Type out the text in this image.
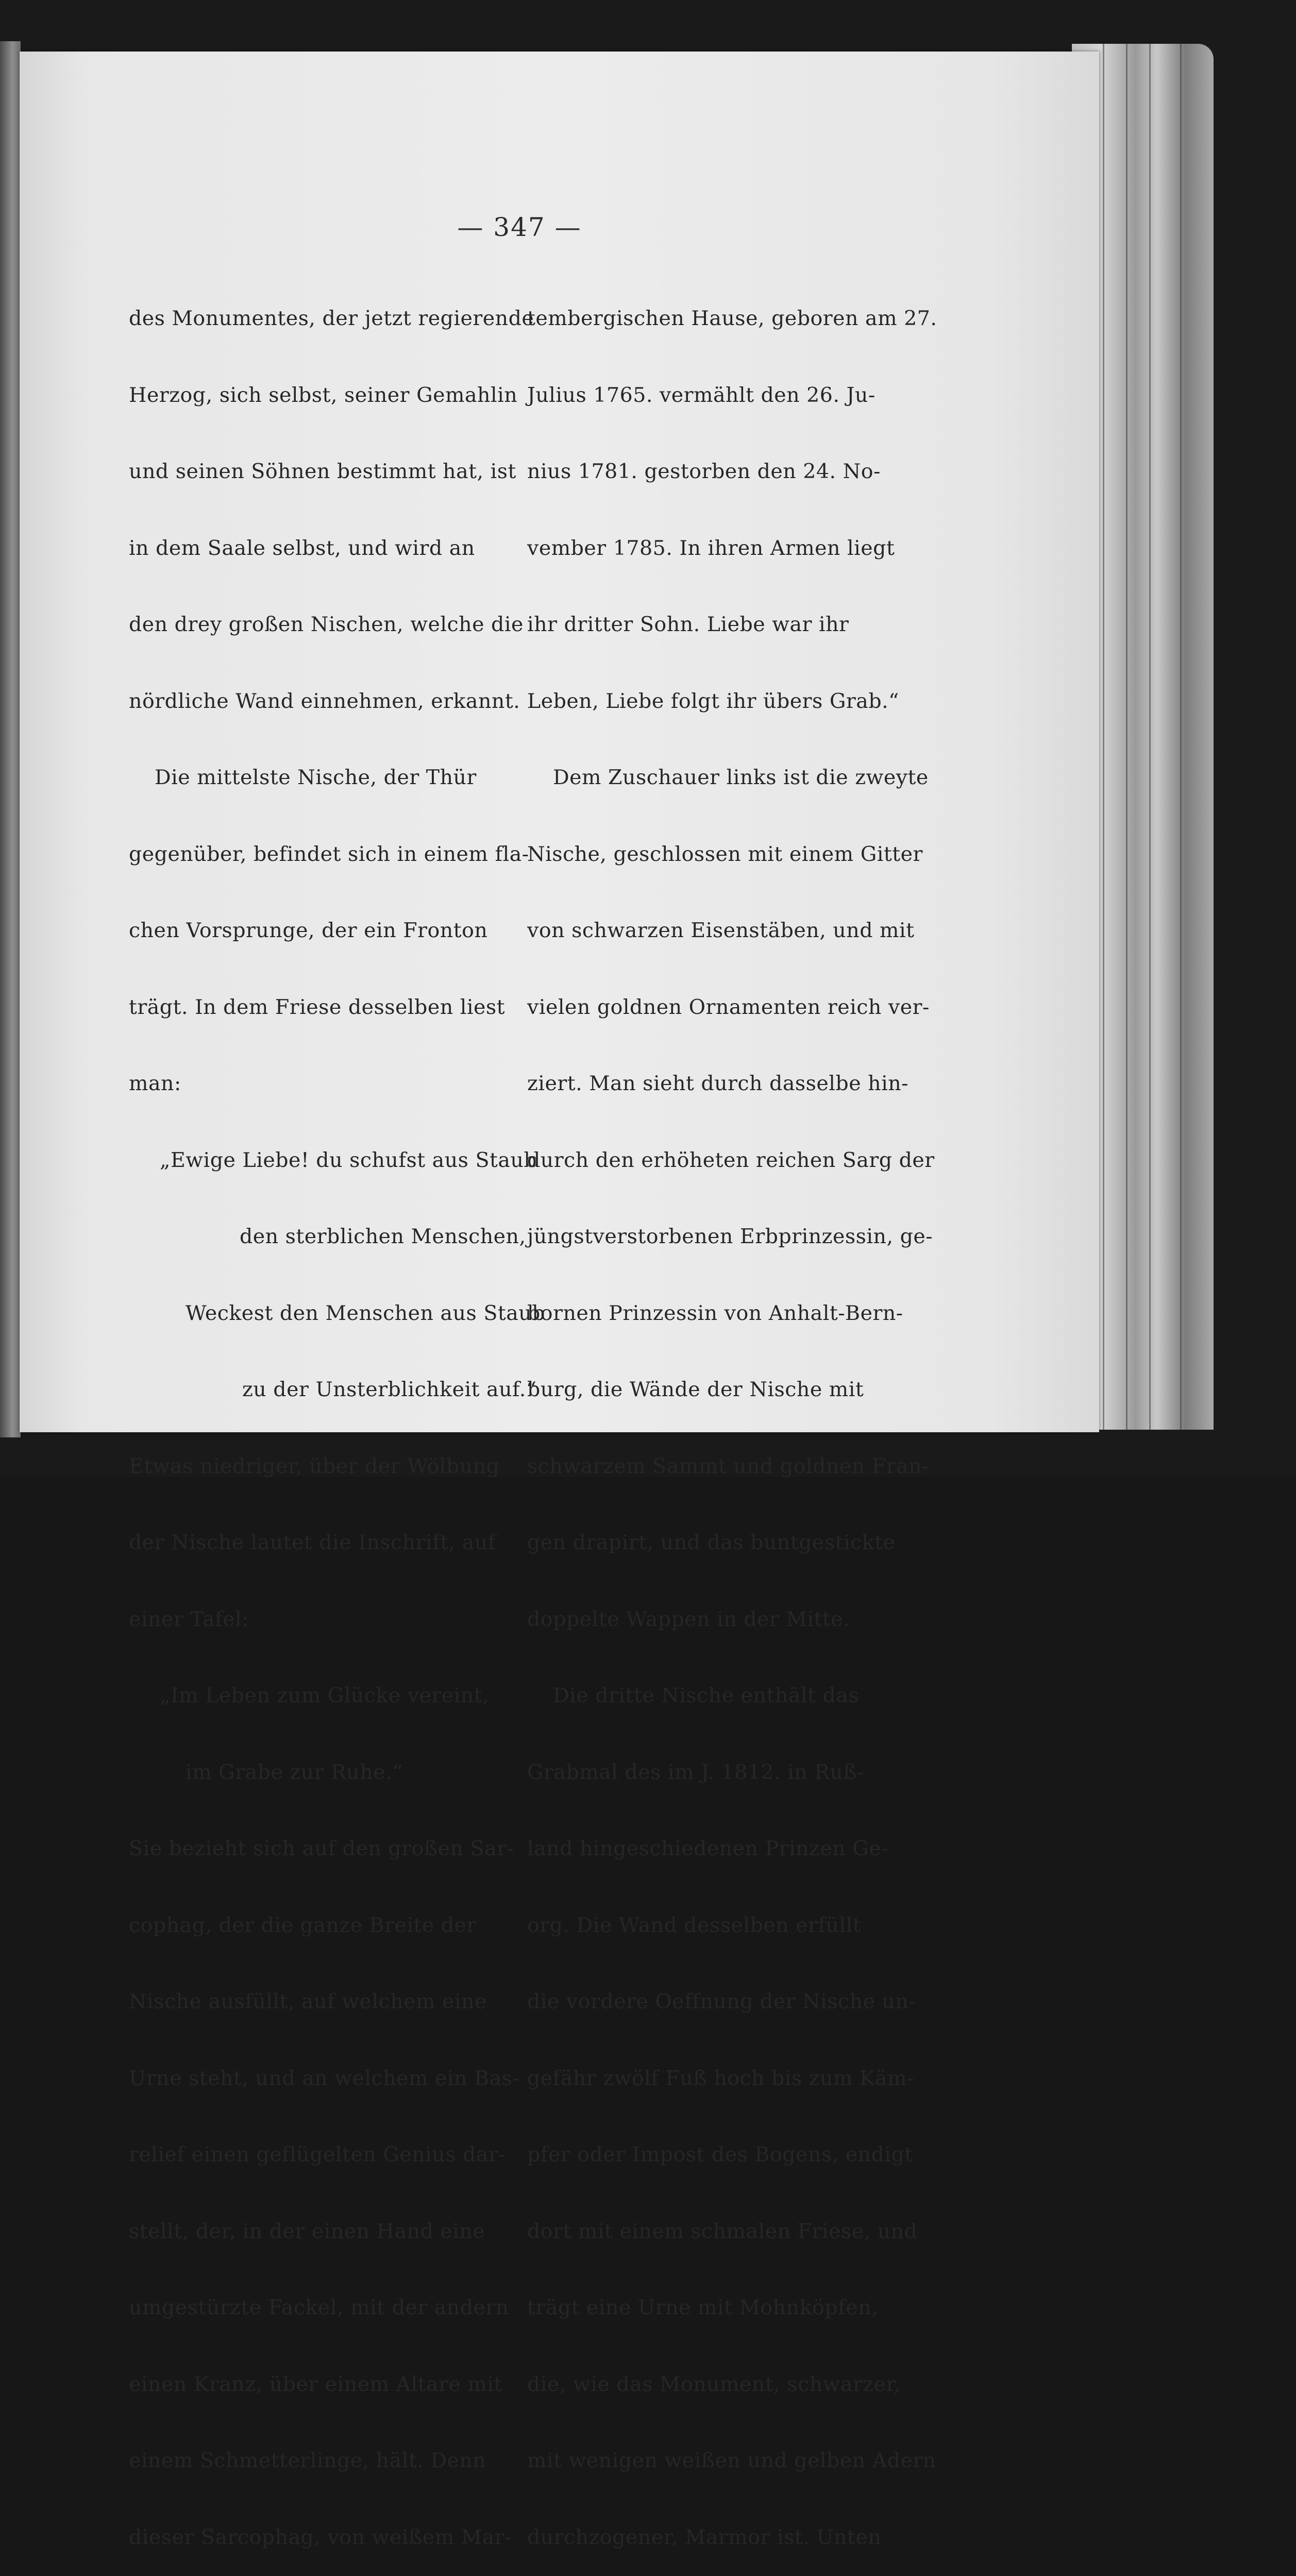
— 347 —

des Monumentes, der jetzt regierende

Herzog, sich selbst, seiner Gemahlin

und seinen Söhnen bestimmt hat, ist

in dem Saale selbst, und wird an

den drey großen Nischen, welche die

nördliche Wand einnehmen, erkannt.

Die mittelste Nische, der Thür

gegenüber, befindet sich in einem fla-

chen Vorsprunge, der ein Fronton

trägt. In dem Friese desselben liest

man:

„Ewige Liebe! du schufst aus Staub

den sterblichen Menschen,

Weckest den Menschen aus Staub

zu der Unsterblichkeit auf.“

Etwas niedriger, über der Wölbung

der Nische lautet die Inschrift, auf

einer Tafel:

„Im Leben zum Glücke vereint,

im Grabe zur Ruhe.“

Sie bezieht sich auf den großen Sar-

cophag, der die ganze Breite der

Nische ausfüllt, auf welchem eine

Urne steht, und an welchem ein Bas-

relief einen geflügelten Genius dar-

stellt, der, in der einen Hand eine

umgestürzte Fackel, mit der andern

einen Kranz, über einem Altare mit

einem Schmetterlinge, hält. Denn

dieser Sarcophag, von weißem Mar-

tembergischen Hause, geboren am 27.

Julius 1765. vermählt den 26. Ju-

nius 1781. gestorben den 24. No-

vember 1785. In ihren Armen liegt

ihr dritter Sohn. Liebe war ihr

Leben, Liebe folgt ihr übers Grab.“

Dem Zuschauer links ist die zweyte

Nische, geschlossen mit einem Gitter

von schwarzen Eisenstäben, und mit

vielen goldnen Ornamenten reich ver-

ziert. Man sieht durch dasselbe hin-

durch den erhöheten reichen Sarg der

jüngstverstorbenen Erbprinzessin, ge-

bornen Prinzessin von Anhalt-Bern-

burg, die Wände der Nische mit

schwarzem Sammt und goldnen Fran-

gen drapirt, und das buntgestickte

doppelte Wappen in der Mitte.

Die dritte Nische enthält das

Grabmal des im J. 1812. in Ruß-

land hingeschiedenen Prinzen Ge-

org. Die Wand desselben erfüllt

die vordere Oeffnung der Nische un-

gefähr zwölf Fuß hoch bis zum Käm-

pfer oder Impost des Bogens, endigt

dort mit einem schmalen Friese, und

trägt eine Urne mit Mohnköpfen,

die, wie das Monument, schwarzer,

mit wenigen weißen und gelben Adern

durchzogener, Marmor ist. Unten
